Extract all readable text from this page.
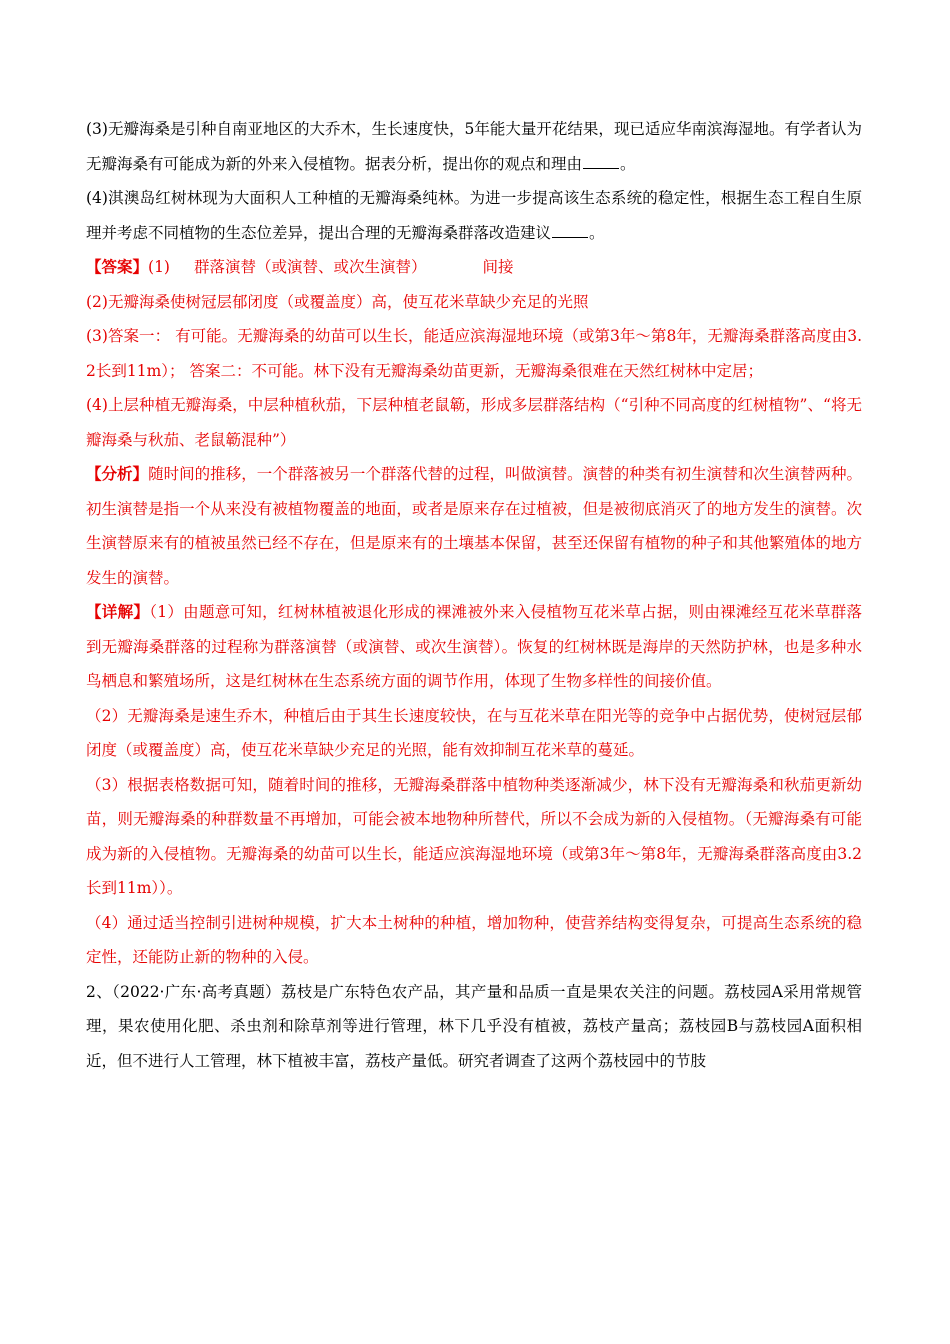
(3)无瓣海桑是引种自南亚地区的大乔木，生长速度快，5年能大量开花结果，现已适应华南滨海湿地。有学者认为无瓣海桑有可能成为新的外来入侵植物。据表分析，提出你的观点和理由 。

(4)淇澳岛红树林现为大面积人工种植的无瓣海桑纯林。为进一步提高该生态系统的稳定性，根据生态工程自生原理并考虑不同植物的生态位差异，提出合理的无瓣海桑群落改造建议 。

【答案】(1) 群落演替（或演替、或次生演替）	间接

(2)无瓣海桑使树冠层郁闭度（或覆盖度）高，使互花米草缺少充足的光照

(3)答案一： 有可能。无瓣海桑的幼苗可以生长，能适应滨海湿地环境（或第3年～第8年，无瓣海桑群落高度由3.2长到11m）； 答案二：不可能。林下没有无瓣海桑幼苗更新，无瓣海桑很难在天然红树林中定居；

(4)上层种植无瓣海桑，中层种植秋茄，下层种植老鼠簕，形成多层群落结构（“引种不同高度的红树植物”、“将无瓣海桑与秋茄、老鼠簕混种”）

【分析】随时间的推移，一个群落被另一个群落代替的过程，叫做演替。演替的种类有初生演替和次生演替两种。初生演替是指一个从来没有被植物覆盖的地面，或者是原来存在过植被，但是被彻底消灭了的地方发生的演替。次生演替原来有的植被虽然已经不存在，但是原来有的土壤基本保留，甚至还保留有植物的种子和其他繁殖体的地方发生的演替。

【详解】（1）由题意可知，红树林植被退化形成的裸滩被外来入侵植物互花米草占据，则由裸滩经互花米草群落到无瓣海桑群落的过程称为群落演替（或演替、或次生演替）。恢复的红树林既是海岸的天然防护林，也是多种水鸟栖息和繁殖场所，这是红树林在生态系统方面的调节作用，体现了生物多样性的间接价值。

（2）无瓣海桑是速生乔木，种植后由于其生长速度较快，在与互花米草在阳光等的竞争中占据优势，使树冠层郁闭度（或覆盖度）高，使互花米草缺少充足的光照，能有效抑制互花米草的蔓延。

（3）根据表格数据可知，随着时间的推移，无瓣海桑群落中植物种类逐渐减少，林下没有无瓣海桑和秋茄更新幼苗，则无瓣海桑的种群数量不再增加，可能会被本地物种所替代，所以不会成为新的入侵植物。（无瓣海桑有可能成为新的入侵植物。无瓣海桑的幼苗可以生长，能适应滨海湿地环境（或第3年～第8年，无瓣海桑群落高度由3.2长到11m））。

（4）通过适当控制引进树种规模，扩大本土树种的种植，增加物种，使营养结构变得复杂，可提高生态系统的稳定性，还能防止新的物种的入侵。

2、（2022·广东·高考真题）荔枝是广东特色农产品，其产量和品质一直是果农关注的问题。荔枝园A采用常规管理，果农使用化肥、杀虫剂和除草剂等进行管理，林下几乎没有植被，荔枝产量高；荔枝园B与荔枝园A面积相近，但不进行人工管理，林下植被丰富，荔枝产量低。研究者调查了这两个荔枝园中的节肢
